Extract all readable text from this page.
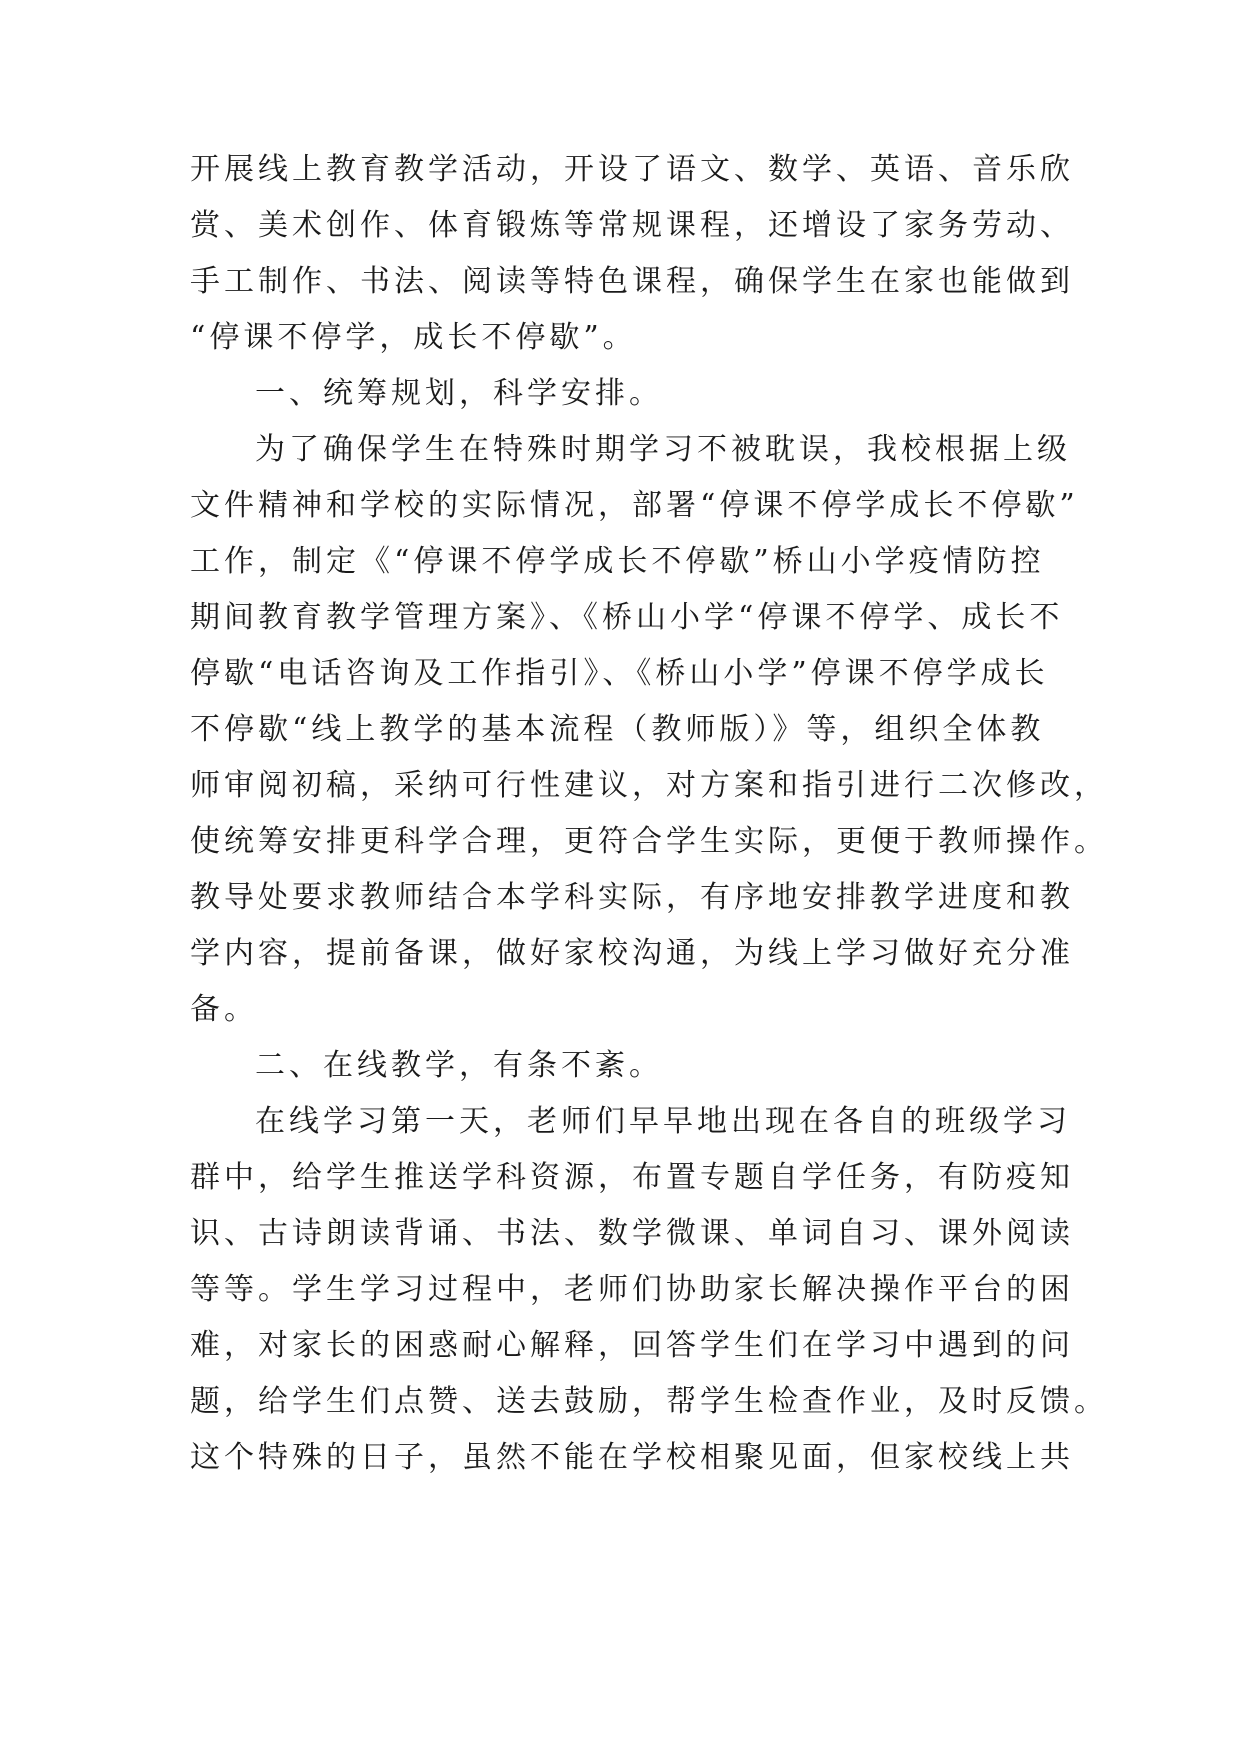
开展线上教育教学活动，开设了语文、数学、英语、音乐欣
赏、美术创作、体育锻炼等常规课程，还增设了家务劳动、
手工制作、书法、阅读等特色课程，确保学生在家也能做到
“停课不停学，成长不停歇”。
一、统筹规划，科学安排。
为了确保学生在特殊时期学习不被耽误，我校根据上级
文件精神和学校的实际情况，部署“停课不停学成长不停歇”
工作，制定《“停课不停学成长不停歇”桥山小学疫情防控
期间教育教学管理方案》、《桥山小学“停课不停学、成长不
停歇“电话咨询及工作指引》、《桥山小学”停课不停学成长
不停歇“线上教学的基本流程（教师版）》等，组织全体教
师审阅初稿，采纳可行性建议，对方案和指引进行二次修改，
使统筹安排更科学合理，更符合学生实际，更便于教师操作。
教导处要求教师结合本学科实际，有序地安排教学进度和教
学内容，提前备课，做好家校沟通，为线上学习做好充分准
备。
二、在线教学，有条不紊。
在线学习第一天，老师们早早地出现在各自的班级学习
群中，给学生推送学科资源，布置专题自学任务，有防疫知
识、古诗朗读背诵、书法、数学微课、单词自习、课外阅读
等等。学生学习过程中，老师们协助家长解决操作平台的困
难，对家长的困惑耐心解释，回答学生们在学习中遇到的问
题，给学生们点赞、送去鼓励，帮学生检查作业，及时反馈。
这个特殊的日子，虽然不能在学校相聚见面，但家校线上共
